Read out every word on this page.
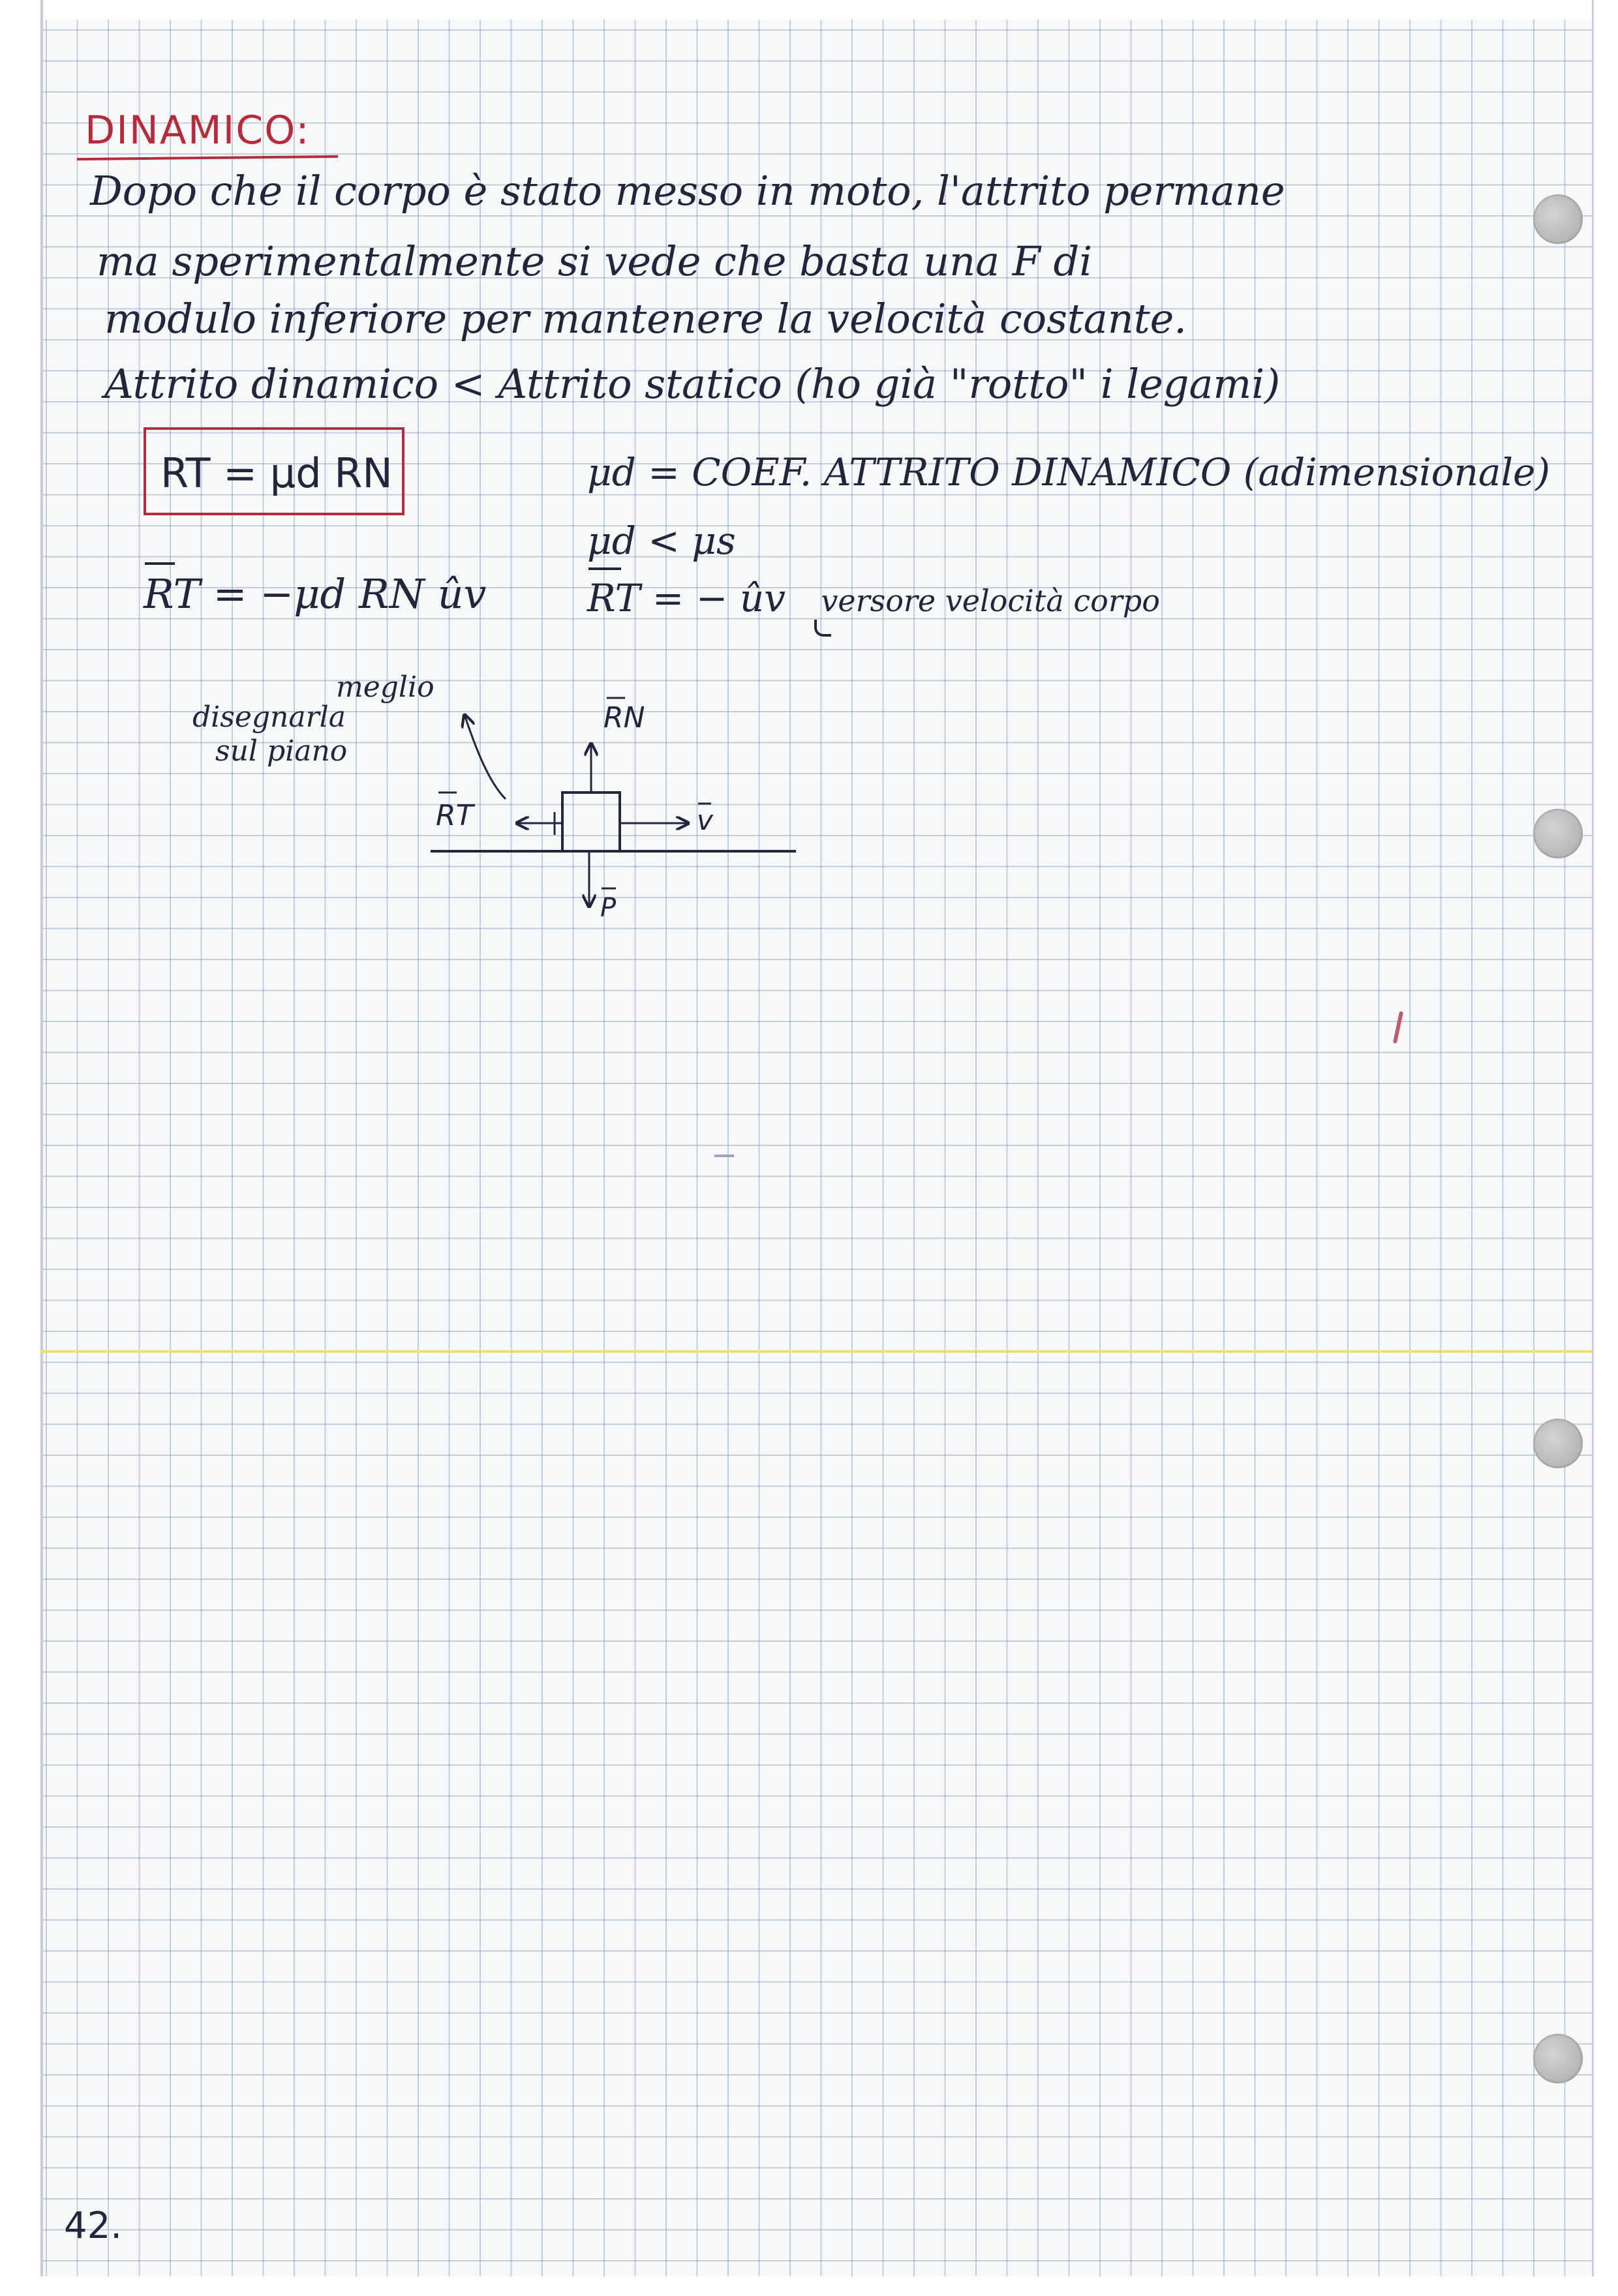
DINAMICO:
Dopo che il corpo è stato messo in moto, l'attrito permane
ma sperimentalmente si vede che basta una F di
modulo inferiore per mantenere la velocità costante.
Attrito dinamico < Attrito statico (ho già "rotto" i legami)
RT = μd RN
RT = −μd RN ûv
μd = COEF. ATTRITO DINAMICO (adimensionale)
μd < μs
RT = − ûv versore velocità corpo
meglio
disegnarla
sul piano
RN
RT	v
P
42.
